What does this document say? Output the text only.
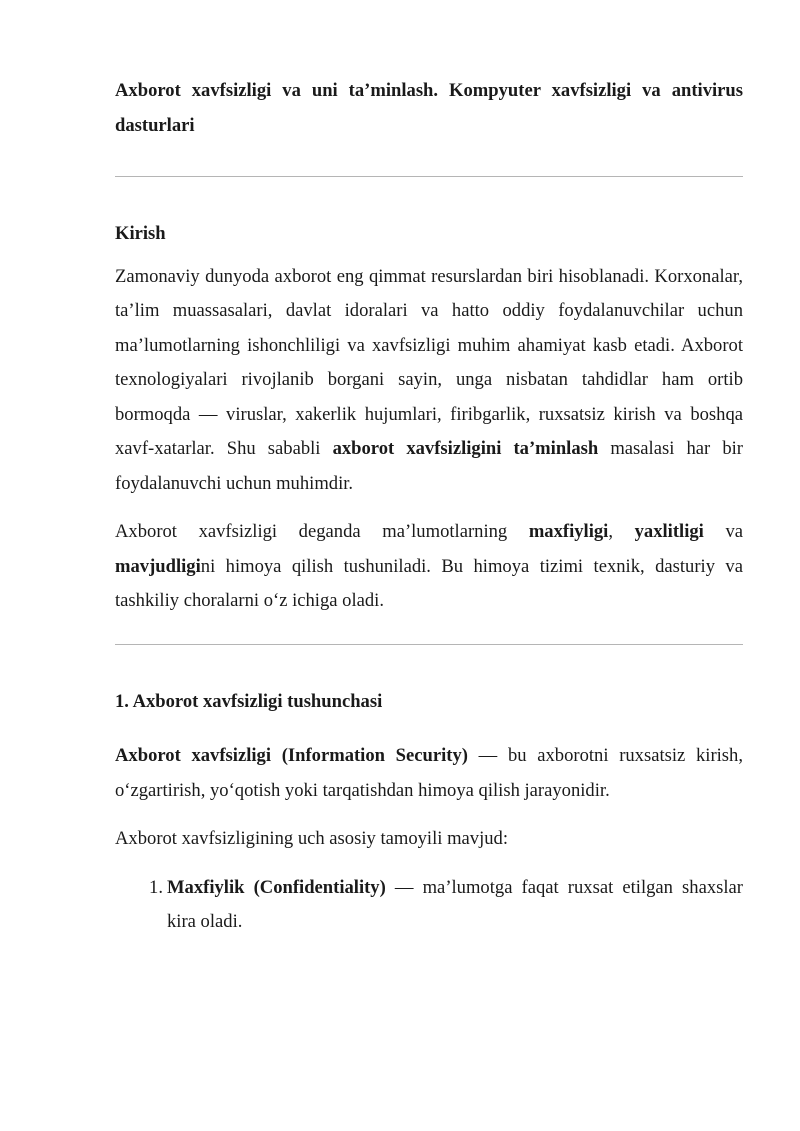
Axborot xavfsizligi va uni ta’minlash. Kompyuter xavfsizligi va antivirus dasturlari

Kirish

Zamonaviy dunyoda axborot eng qimmat resurslardan biri hisoblanadi. Korxonalar, ta’lim muassasalari, davlat idoralari va hatto oddiy foydalanuvchilar uchun ma’lumotlarning ishonchliligi va xavfsizligi muhim ahamiyat kasb etadi. Axborot texnologiyalari rivojlanib borgani sayin, unga nisbatan tahdidlar ham ortib bormoqda — viruslar, xakerlik hujumlari, firibgarlik, ruxsatsiz kirish va boshqa xavf-xatarlar. Shu sababli axborot xavfsizligini ta’minlash masalasi har bir foydalanuvchi uchun muhimdir.

Axborot xavfsizligi deganda ma’lumotlarning maxfiyligi, yaxlitligi va mavjudligini himoya qilish tushuniladi. Bu himoya tizimi texnik, dasturiy va tashkiliy choralarni o‘z ichiga oladi.

1. Axborot xavfsizligi tushunchasi

Axborot xavfsizligi (Information Security) — bu axborotni ruxsatsiz kirish, o‘zgartirish, yo‘qotish yoki tarqatishdan himoya qilish jarayonidir.

Axborot xavfsizligining uch asosiy tamoyili mavjud:

1. Maxfiylik (Confidentiality) — ma’lumotga faqat ruxsat etilgan shaxslar kira oladi.
